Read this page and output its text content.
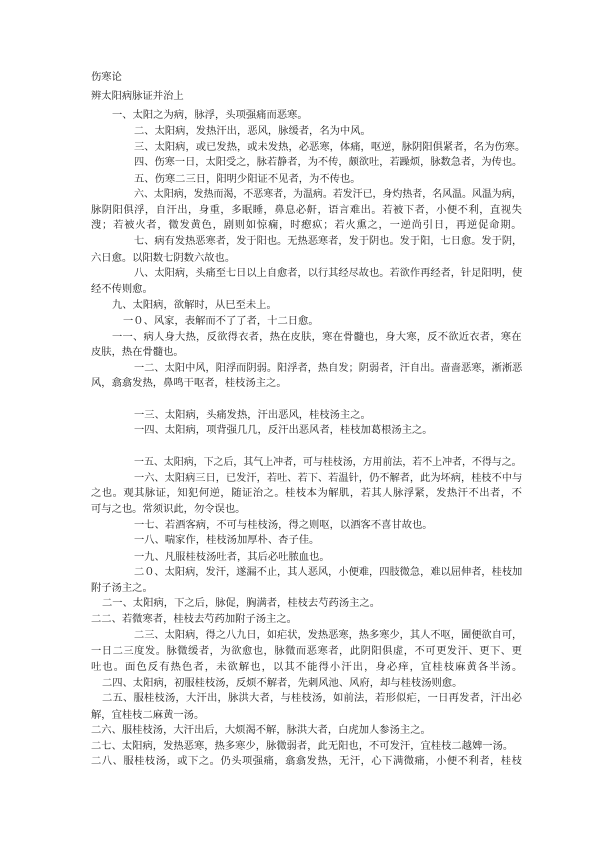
伤寒论
辨太阳病脉证并治上
一、太阳之为病，脉浮，头项强痛而恶寒。
二、太阳病，发热汗出，恶风，脉缓者，名为中风。
三、太阳病，或已发热，或未发热，必恶寒，体痛，呕逆，脉阴阳俱紧者，名为伤寒。
四、伤寒一日，太阳受之，脉若静者，为不传，颇欲吐，若躁烦，脉数急者，为传也。
五、伤寒二三日，阳明少阳证不见者，为不传也。
六、太阳病，发热而渴，不恶寒者，为温病。若发汗已，身灼热者，名风温。风温为病，
脉阴阳俱浮，自汗出，身重，多眠睡，鼻息必鼾，语言难出。若被下者，小便不利，直视失
溲；若被火者，微发黄色，剧则如惊痫，时瘛疭；若火熏之，一逆尚引日，再逆促命期。
七、病有发热恶寒者，发于阳也。无热恶寒者，发于阴也。发于阳，七日愈。发于阴，
六日愈。以阳数七阴数六故也。
八、太阳病，头痛至七日以上自愈者，以行其经尽故也。若欲作再经者，针足阳明，使
经不传则愈。
九、太阳病，欲解时，从巳至未上。
一０、风家，表解而不了了者，十二日愈。
一一、病人身大热，反欲得衣者，热在皮肤，寒在骨髓也，身大寒，反不欲近衣者，寒在
皮肤，热在骨髓也。
一二、太阳中风，阳浮而阴弱。阳浮者，热自发；阴弱者，汗自出。啬啬恶寒，淅淅恶
风，翕翕发热，鼻鸣干呕者，桂枝汤主之。
一三、太阳病，头痛发热，汗出恶风，桂枝汤主之。
一四、太阳病，项背强几几，反汗出恶风者，桂枝加葛根汤主之。
一五、太阳病，下之后，其气上冲者，可与桂枝汤，方用前法，若不上冲者，不得与之。
一六、太阳病三日，已发汗，若吐、若下、若温针，仍不解者，此为坏病，桂枝不中与
之也。观其脉证，知犯何逆，随证治之。桂枝本为解肌，若其人脉浮紧，发热汗不出者，不
可与之也。常须识此，勿令误也。
一七、若酒客病，不可与桂枝汤，得之则呕，以酒客不喜甘故也。
一八、喘家作，桂枝汤加厚朴、杏子佳。
一九、凡服桂枝汤吐者，其后必吐脓血也。
二０、太阳病，发汗，遂漏不止，其人恶风，小便难，四肢微急，难以屈伸者，桂枝加
附子汤主之。
二一、太阳病，下之后，脉促，胸满者，桂枝去芍药汤主之。
二二、若微寒者，桂枝去芍药加附子汤主之。
二三、太阳病，得之八九日，如疟状，发热恶寒，热多寒少，其人不呕，圊便欲自可，
一日二三度发。脉微缓者，为欲愈也，脉微而恶寒者，此阴阳俱虚，不可更发汗、更下、更
吐也。面色反有热色者，未欲解也，以其不能得小汗出，身必痒，宜桂枝麻黄各半汤。
二四、太阳病，初服桂枝汤，反烦不解者，先刺风池、风府，却与桂枝汤则愈。
二五、服桂枝汤，大汗出，脉洪大者，与桂枝汤，如前法，若形似疟，一日再发者，汗出必
解，宜桂枝二麻黄一汤。
二六、服桂枝汤，大汗出后，大烦渴不解，脉洪大者，白虎加人参汤主之。
二七、太阳病，发热恶寒，热多寒少，脉微弱者，此无阳也，不可发汗，宜桂枝二越婢一汤。
二八、服桂枝汤，或下之。仍头项强痛，翕翕发热，无汗，心下满微痛，小便不利者，桂枝
